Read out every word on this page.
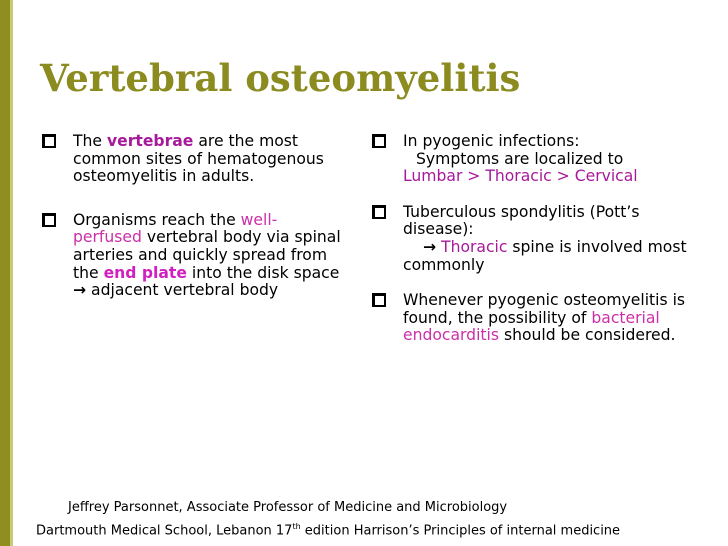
Vertebral osteomyelitis

The vertebrae are the most common sites of hematogenous osteomyelitis in adults.

Organisms reach the well-perfused vertebral body via spinal arteries and quickly spread from the end plate into the disk space → adjacent vertebral body

In pyogenic infections:
Symptoms are localized to
Lumbar > Thoracic > Cervical

Tuberculous spondylitis (Pott’s disease):
→ Thoracic spine is involved most commonly

Whenever pyogenic osteomyelitis is found, the possibility of bacterial endocarditis should be considered.

Jeffrey Parsonnet, Associate Professor of Medicine and Microbiology
Dartmouth Medical School, Lebanon 17th edition Harrison’s Principles of internal medicine
